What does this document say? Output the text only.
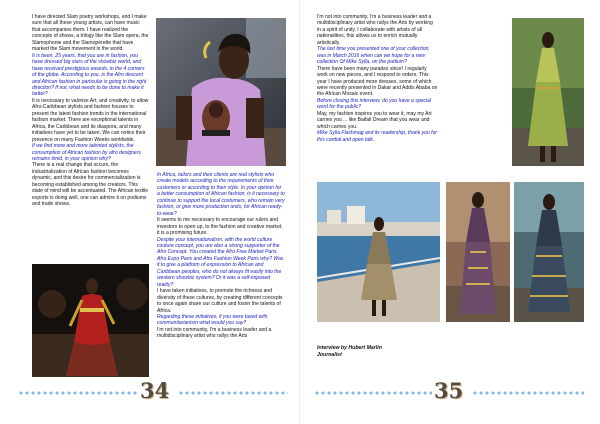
I have directed Slam poetry workshops, and I make sure that all these young artists, can have music that accompanies them. I have realized the concepts of shows, a trilogy like the Slam opera, the Slamophonie and the Slamopérette that have marked the Slam movement in the world.

It is been, 25 years, that you are in fashion, you have dressed big stars of the showbiz world, and have received prestigious awards, in the 4 corners of the globe. According to you, is the Afro descent and African fashion in particular is going in the right direction? If not, what needs to be done to make it better?

It is necessary to valorize Art, and creativity, to allow Afro-Caribbean stylists and fashion houses to present the latest fashion trends in the international fashion market. There are exceptional talents in Africa, the Caribbean and its diaspora, and many initiatives have yet to be taken. We can notice their presence on many Fashion Weeks worldwide.

If we find more and more talented stylists, the consumption of African fashion by afro designers remains timid, in your opinion why?

There is a real change that occurs, the industrialization of African fashion becomes dynamic, and this desire for commercialization is becoming established among the creators. This state of mind will be accentuated. The African textile exports is doing well, one can admire it on podiums and trade shows.

In Africa, tailors and their clients are real stylists who create models according to the requirements of their customers or according to their style. In your opinion for a better consumption of African fashion, is it necessary to continue to support the local costumers, who remain very fashion, or give more production units, for African ready-to-wear?

It seems to me necessary to encourage our rulers and investors to open up, to the fashion and creative market, it is a promising future.

Despite your internationalism, with the world culture couture concept, you are also a strong supporter of the Afro Concept. You created the Afro Free Market Paris, Afro Expo Paris and Afro Fashion Week Paris why? Was it to give a platform of expression to African and Caribbean peoples, who do not always fit easily into the western showbiz system? Or it was a self-imposed reality?

I have taken initiatives, to promote the richness and diversity of these cultures, by creating different concepts to once again share our culture and foster the talents of Africa.

Regarding these initiatives, if you were taxed with communitarianism what would you say?

I'm not into community, I'm a business leader and a multidisciplinary artist who rallys the Arts

34

I'm not into community, I'm a business leader and a multidisciplinary artist who rallys the Arts by working in a spirit of unity. I collaborate with artists of all nationalities, this allows us to enrich mutually artistically.

The last time you presented one of your collection, was in March 2016 when can we hope for a new collection Of Mike Sylla, on the podium?

There have been many parades since! I regularly work on new pieces, and I respond to orders. This year I have produced more dresses, some of which were recently presented in Dakar and Addis Ababa on the African Mosaic event.

Before closing this interview, do you have a special word for the public?

May, my fashion inspires you to wear it, may my Art carries you ... like Baifall Dream that you wear and which carries you.

Mike Sylla Flashmag and its readership, thank you for this cordial and open talk.

Interview by Hubert Marlin
Journalist
35
